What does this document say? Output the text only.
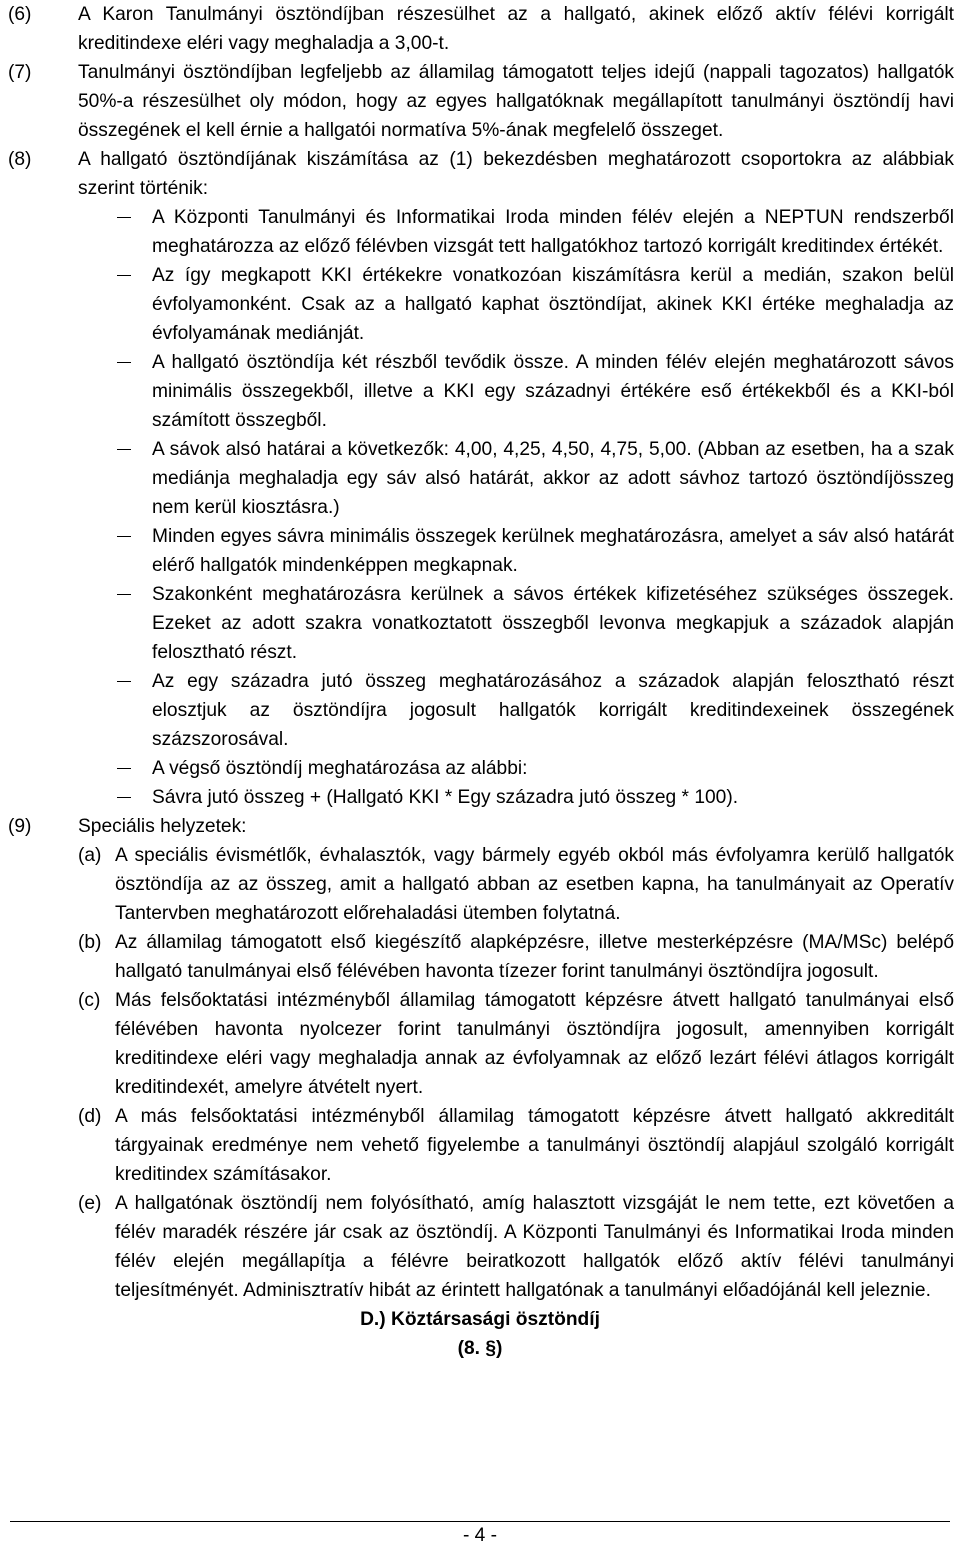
(6) A Karon Tanulmányi ösztöndíjban részesülhet az a hallgató, akinek előző aktív félévi korrigált kreditindexe eléri vagy meghaladja a 3,00-t.
(7) Tanulmányi ösztöndíjban legfeljebb az államilag támogatott teljes idejű (nappali tagozatos) hallgatók 50%-a részesülhet oly módon, hogy az egyes hallgatóknak megállapított tanulmányi ösztöndíj havi összegének el kell érnie a hallgatói normatíva 5%-ának megfelelő összeget.
(8) A hallgató ösztöndíjának kiszámítása az (1) bekezdésben meghatározott csoportokra az alábbiak szerint történik:
A Központi Tanulmányi és Informatikai Iroda minden félév elején a NEPTUN rendszerből meghatározza az előző félévben vizsgát tett hallgatókhoz tartozó korrigált kreditindex értékét.
Az így megkapott KKI értékekre vonatkozóan kiszámításra kerül a medián, szakon belül évfolyamonként. Csak az a hallgató kaphat ösztöndíjat, akinek KKI értéke meghaladja az évfolyamának mediánját.
A hallgató ösztöndíja két részből tevődik össze. A minden félév elején meghatározott sávos minimális összegekből, illetve a KKI egy századnyi értékére eső értékekből és a KKI-ból számított összegből.
A sávok alsó határai a következők: 4,00, 4,25, 4,50, 4,75, 5,00. (Abban az esetben, ha a szak mediánja meghaladja egy sáv alsó határát, akkor az adott sávhoz tartozó ösztöndíjösszeg nem kerül kiosztásra.)
Minden egyes sávra minimális összegek kerülnek meghatározásra, amelyet a sáv alsó határát elérő hallgatók mindenképpen megkapnak.
Szakonként meghatározásra kerülnek a sávos értékek kifizetéséhez szükséges összegek. Ezeket az adott szakra vonatkoztatott összegből levonva megkapjuk a századok alapján felosztható részt.
Az egy századra jutó összeg meghatározásához a századok alapján felosztható részt elosztjuk az ösztöndíjra jogosult hallgatók korrigált kreditindexeinek összegének százszorosával.
A végső ösztöndíj meghatározása az alábbi:
Sávra jutó összeg + (Hallgató KKI * Egy századra jutó összeg * 100).
(9) Speciális helyzetek:
(a) A speciális évismétlők, évhalasztók, vagy bármely egyéb okból más évfolyamra kerülő hallgatók ösztöndíja az az összeg, amit a hallgató abban az esetben kapna, ha tanulmányait az Operatív Tantervben meghatározott előrehaladási ütemben folytatná.
(b) Az államilag támogatott első kiegészítő alapképzésre, illetve mesterképzésre (MA/MSc) belépő hallgató tanulmányai első félévében havonta tízezer forint tanulmányi ösztöndíjra jogosult.
(c) Más felsőoktatási intézményből államilag támogatott képzésre átvett hallgató tanulmányai első félévében havonta nyolcezer forint tanulmányi ösztöndíjra jogosult, amennyiben korrigált kreditindexe eléri vagy meghaladja annak az évfolyamnak az előző lezárt félévi átlagos korrigált kreditindexét, amelyre átvételt nyert.
(d) A más felsőoktatási intézményből államilag támogatott képzésre átvett hallgató akkreditált tárgyainak eredménye nem vehető figyelembe a tanulmányi ösztöndíj alapjául szolgáló korrigált kreditindex számításakor.
(e) A hallgatónak ösztöndíj nem folyósítható, amíg halasztott vizsgáját le nem tette, ezt követően a félév maradék részére jár csak az ösztöndíj. A Központi Tanulmányi és Informatikai Iroda minden félév elején megállapítja a félévre beiratkozott hallgatók előző aktív félévi tanulmányi teljesítményét. Adminisztratív hibát az érintett hallgatónak a tanulmányi előadójánál kell jeleznie.
D.) Köztársasági ösztöndíj
(8. §)
- 4 -
